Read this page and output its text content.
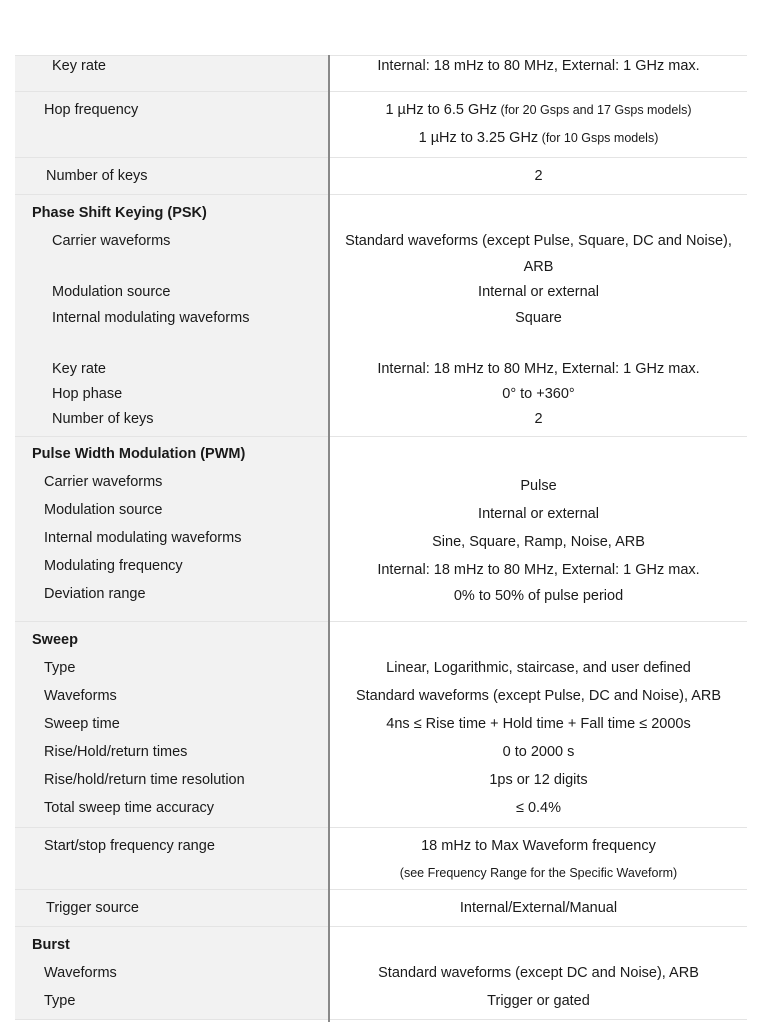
Key rate	Internal: 18 mHz to 80 MHz, External: 1 GHz max.
Hop frequency	1 µHz to 6.5 GHz (for 20 Gsps and 17 Gsps models)
1 µHz to 3.25 GHz (for 10 Gsps models)
Number of keys	2
Phase Shift Keying (PSK)
Carrier waveforms	Standard waveforms (except Pulse, Square, DC and Noise),
ARB
Modulation source	Internal or external
Internal modulating waveforms	Square
Key rate	Internal: 18 mHz to 80 MHz, External: 1 GHz max.
Hop phase	0° to +360°
Number of keys	2
Pulse Width Modulation (PWM)
Carrier waveforms	Pulse
Modulation source	Internal or external
Internal modulating waveforms	Sine, Square, Ramp, Noise, ARB
Modulating frequency	Internal: 18 mHz to 80 MHz, External: 1 GHz max.
Deviation range	0% to 50% of pulse period
Sweep
Type	Linear, Logarithmic, staircase, and user defined
Waveforms	Standard waveforms (except Pulse, DC and Noise), ARB
Sweep time	4ns ≤ Rise time + Hold time + Fall time ≤ 2000s
Rise/Hold/return times	0 to 2000 s
Rise/hold/return time resolution	1ps or 12 digits
Total sweep time accuracy	≤ 0.4%
Start/stop frequency range	18 mHz to Max Waveform frequency
(see Frequency Range for the Specific Waveform)
Trigger source	Internal/External/Manual
Burst
Waveforms	Standard waveforms (except DC and Noise), ARB
Type	Trigger or gated
